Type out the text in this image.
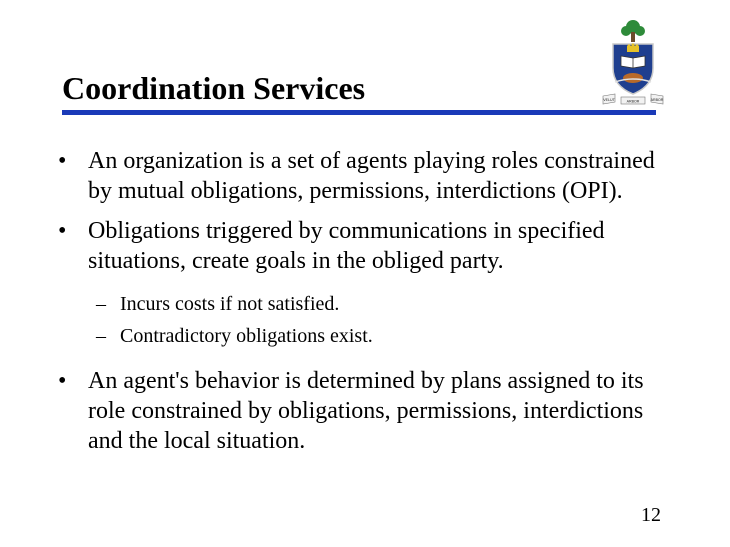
Coordination Services	VELUT	ARBOR
ARBOR
• An organization is a set of agents playing roles constrained by mutual obligations, permissions, interdictions (OPI).
• Obligations triggered by communications in specified situations, create goals in the obliged party.
– Incurs costs if not satisfied.
– Contradictory obligations exist.
• An agent's behavior is determined by plans assigned to its role constrained by obligations, permissions, interdictions and the local situation.
12
